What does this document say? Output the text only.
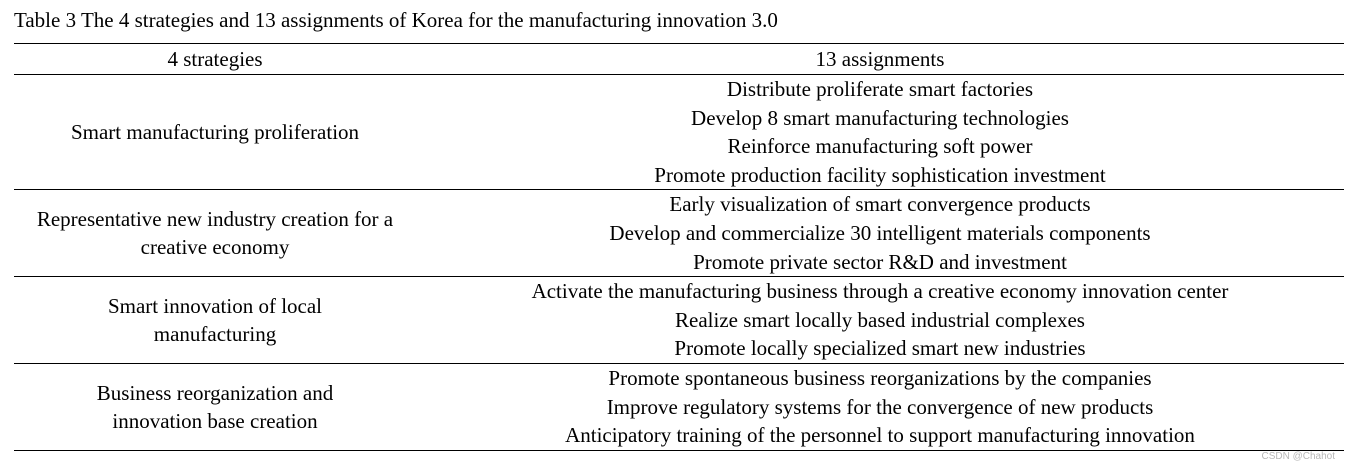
Table 3 The 4 strategies and 13 assignments of Korea for the manufacturing innovation 3.0
4 strategies	13 assignments
Smart manufacturing proliferation	Distribute proliferate smart factories
Develop 8 smart manufacturing technologies
Reinforce manufacturing soft power
Promote production facility sophistication investment

Representative new industry creation for a creative economy	Early visualization of smart convergence products
Develop and commercialize 30 intelligent materials components
Promote private sector R&D and investment

Smart innovation of local manufacturing	Activate the manufacturing business through a creative economy innovation center
Realize smart locally based industrial complexes
Promote locally specialized smart new industries

Business reorganization and innovation base creation	Promote spontaneous business reorganizations by the companies
Improve regulatory systems for the convergence of new products
Anticipatory training of the personnel to support manufacturing innovation
CSDN @Chahot
